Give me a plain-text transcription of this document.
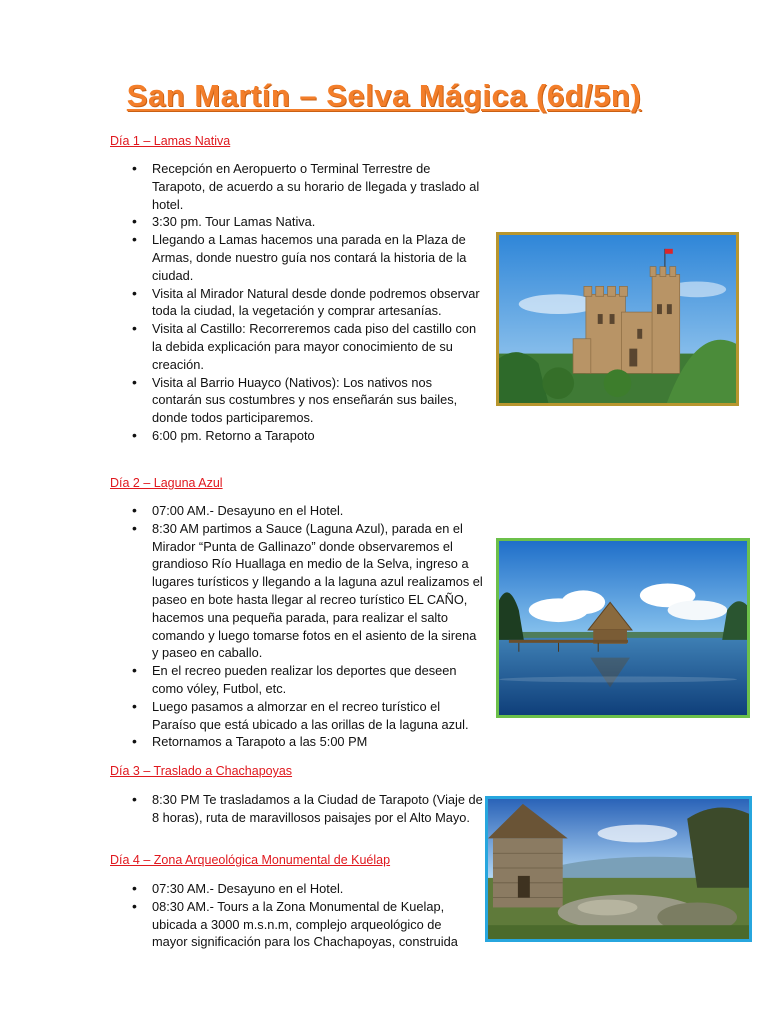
San Martín – Selva Mágica (6d/5n)
Día 1 – Lamas Nativa
• Recepción en Aeropuerto o Terminal Terrestre de Tarapoto, de acuerdo a su horario de llegada y traslado al hotel.
• 3:30 pm. Tour Lamas Nativa.
• Llegando a Lamas hacemos una parada en la Plaza de Armas, donde nuestro guía nos contará la historia de la ciudad.
• Visita al Mirador Natural desde donde podremos observar toda la ciudad, la vegetación y comprar artesanías.
• Visita al Castillo: Recorreremos cada piso del castillo con la debida explicación para mayor conocimiento de su creación.
• Visita al Barrio Huayco (Nativos): Los nativos nos contarán sus costumbres y nos enseñarán sus bailes, donde todos participaremos.
• 6:00 pm. Retorno a Tarapoto
Día 2 – Laguna Azul
• 07:00 AM.- Desayuno en el Hotel.
• 8:30 AM partimos a Sauce (Laguna Azul), parada en el Mirador “Punta de Gallinazo” donde observaremos el grandioso Río Huallaga en medio de la Selva, ingreso a lugares turísticos y llegando a la laguna azul realizamos el paseo en bote hasta llegar al recreo turístico EL CAÑO, hacemos una pequeña parada, para realizar el salto comando y luego tomarse fotos en el asiento de la sirena y paseo en caballo.
• En el recreo pueden realizar los deportes que deseen como vóley, Futbol, etc.
• Luego pasamos a almorzar en el recreo turístico el Paraíso que está ubicado a las orillas de la laguna azul.
• Retornamos a Tarapoto a las 5:00 PM
Día 3 – Traslado a Chachapoyas
• 8:30 PM Te trasladamos a la Ciudad de Tarapoto (Viaje de 8 horas), ruta de maravillosos paisajes por el Alto Mayo.
Día 4 – Zona Arqueológica Monumental de Kuélap
• 07:30 AM.- Desayuno en el Hotel.
• 08:30 AM.- Tours a la Zona Monumental de Kuelap, ubicada a 3000 m.s.n.m, complejo arqueológico de mayor significación para los Chachapoyas, construida
